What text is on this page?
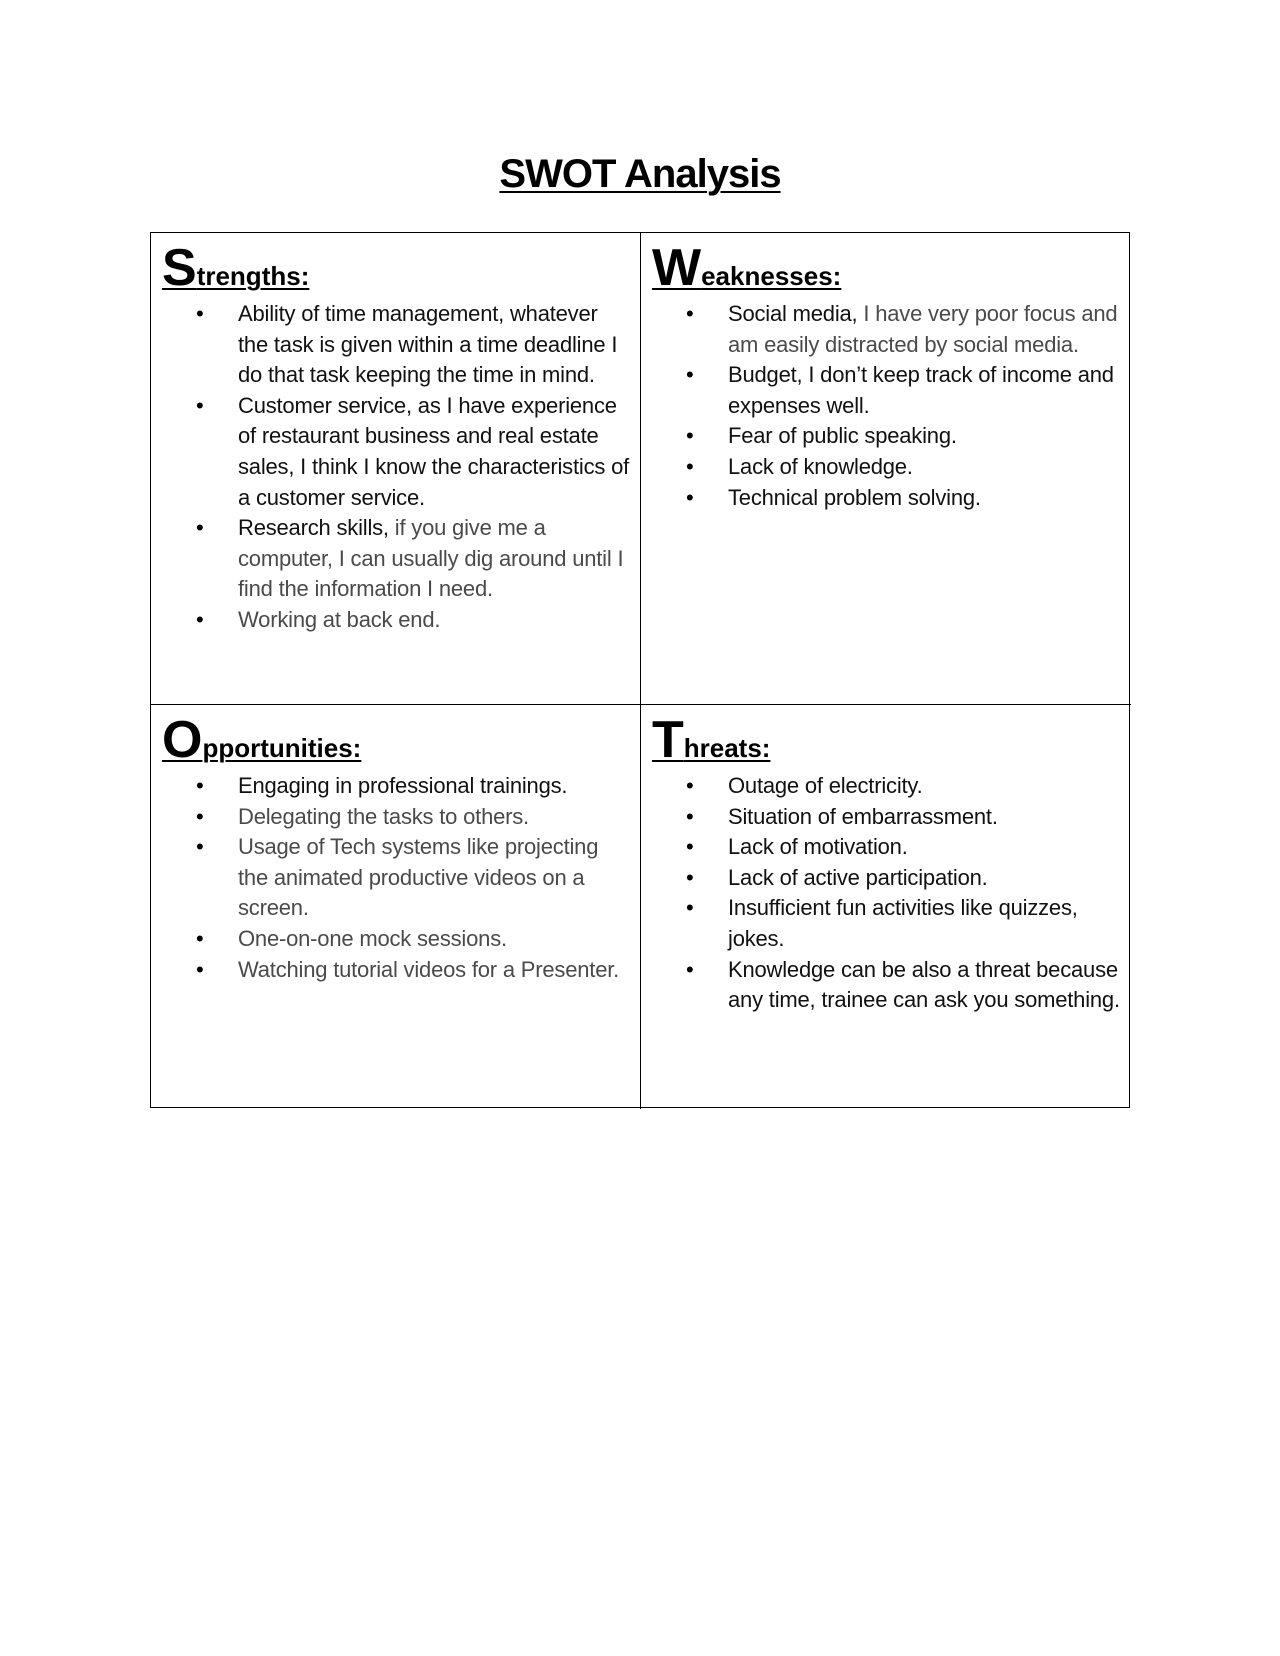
SWOT Analysis
Strengths:
• Ability of time management, whatever the task is given within a time deadline I do that task keeping the time in mind.
• Customer service, as I have experience of restaurant business and real estate sales, I think I know the characteristics of a customer service.
• Research skills, if you give me a computer, I can usually dig around until I find the information I need.
• Working at back end.
Weaknesses:
• Social media, I have very poor focus and am easily distracted by social media.
• Budget, I don’t keep track of income and expenses well.
• Fear of public speaking.
• Lack of knowledge.
• Technical problem solving.
Opportunities:
• Engaging in professional trainings.
• Delegating the tasks to others.
• Usage of Tech systems like projecting the animated productive videos on a screen.
• One-on-one mock sessions.
• Watching tutorial videos for a Presenter.
Threats:
• Outage of electricity.
• Situation of embarrassment.
• Lack of motivation.
• Lack of active participation.
• Insufficient fun activities like quizzes, jokes.
• Knowledge can be also a threat because any time, trainee can ask you something.
